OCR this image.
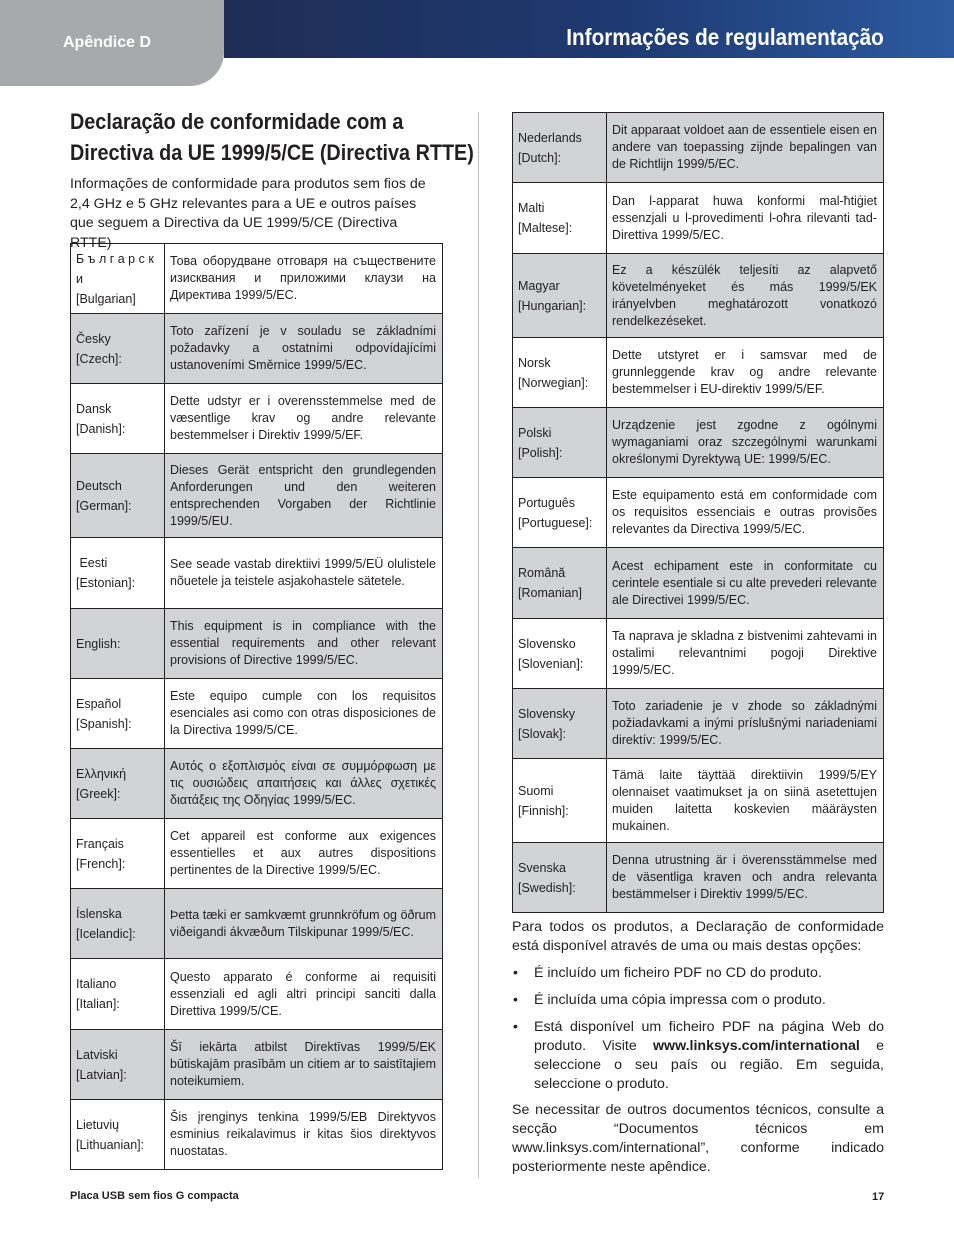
Apêndice D	Informações de regulamentação
Declaração de conformidade com a
Directiva da UE 1999/5/CE (Directiva RTTE)

Informações de conformidade para produtos sem fios de 2,4 GHz e 5 GHz relevantes para a UE e outros países que seguem a Directiva da UE 1999/5/CE (Directiva RTTE)

Б ъ л г а р с к и
[Bulgarian]	Това оборудване отговаря на съществените изисквания и приложими клаузи на Директива 1999/5/ЕС.
Česky
[Czech]:	Toto zařízení je v souladu se základními požadavky a ostatními odpovídajícími ustanoveními Směrnice 1999/5/EC.
Dansk
[Danish]:	Dette udstyr er i overensstemmelse med de væsentlige krav og andre relevante bestemmelser i Direktiv 1999/5/EF.
Deutsch
[German]:	Dieses Gerät entspricht den grundlegenden Anforderungen und den weiteren entsprechenden Vorgaben der Richtlinie 1999/5/EU.
Eesti
[Estonian]:	See seade vastab direktiivi 1999/5/EÜ olulistele nõuetele ja teistele asjakohastele sätetele.
English:	This equipment is in compliance with the essential requirements and other relevant provisions of Directive 1999/5/EC.
Español
[Spanish]:	Este equipo cumple con los requisitos esenciales asi como con otras disposiciones de la Directiva 1999/5/CE.
Ελληνική
[Greek]:	Αυτός ο εξοπλισμός είναι σε συμμόρφωση με τις ουσιώδεις απαιτήσεις και άλλες σχετικές διατάξεις της Οδηγίας 1999/5/EC.
Français
[French]:	Cet appareil est conforme aux exigences essentielles et aux autres dispositions pertinentes de la Directive 1999/5/EC.
Íslenska
[Icelandic]:	Þetta tæki er samkvæmt grunnkröfum og öðrum viðeigandi ákvæðum Tilskipunar 1999/5/EC.
Italiano
[Italian]:	Questo apparato é conforme ai requisiti essenziali ed agli altri principi sanciti dalla Direttiva 1999/5/CE.
Latviski
[Latvian]:	Šī iekārta atbilst Direktīvas 1999/5/EK būtiskajām prasībām un citiem ar to saistītajiem noteikumiem.
Lietuvių
[Lithuanian]:	Šis įrenginys tenkina 1999/5/EB Direktyvos esminius reikalavimus ir kitas šios direktyvos nuostatas.
Nederlands
[Dutch]:	Dit apparaat voldoet aan de essentiele eisen en andere van toepassing zijnde bepalingen van de Richtlijn 1999/5/EC.
Malti
[Maltese]:	Dan l-apparat huwa konformi mal-ħtiġiet essenzjali u l-provedimenti l-oħra rilevanti tad-Direttiva 1999/5/EC.
Magyar
[Hungarian]:	Ez a készülék teljesíti az alapvető követelményeket és más 1999/5/EK irányelvben meghatározott vonatkozó rendelkezéseket.
Norsk
[Norwegian]:	Dette utstyret er i samsvar med de grunnleggende krav og andre relevante bestemmelser i EU-direktiv 1999/5/EF.
Polski
[Polish]:	Urządzenie jest zgodne z ogólnymi wymaganiami oraz szczególnymi warunkami określonymi Dyrektywą UE: 1999/5/EC.
Português
[Portuguese]:	Este equipamento está em conformidade com os requisitos essenciais e outras provisões relevantes da Directiva 1999/5/EC.
Română
[Romanian]	Acest echipament este in conformitate cu cerintele esentiale si cu alte prevederi relevante ale Directivei 1999/5/EC.
Slovensko
[Slovenian]:	Ta naprava je skladna z bistvenimi zahtevami in ostalimi relevantnimi pogoji Direktive 1999/5/EC.
Slovensky
[Slovak]:	Toto zariadenie je v zhode so základnými požiadavkami a inými príslušnými nariadeniami direktív: 1999/5/EC.
Suomi
[Finnish]:	Tämä laite täyttää direktiivin 1999/5/EY olennaiset vaatimukset ja on siinä asetettujen muiden laitetta koskevien määräysten mukainen.
Svenska
[Swedish]:	Denna utrustning är i överensstämmelse med de väsentliga kraven och andra relevanta bestämmelser i Direktiv 1999/5/EC.

Para todos os produtos, a Declaração de conformidade está disponível através de uma ou mais destas opções:

• É incluído um ficheiro PDF no CD do produto.
• É incluída uma cópia impressa com o produto.
• Está disponível um ficheiro PDF na página Web do produto. Visite www.linksys.com/international e seleccione o seu país ou região. Em seguida, seleccione o produto.

Se necessitar de outros documentos técnicos, consulte a secção “Documentos técnicos em www.linksys.com/international”, conforme indicado posteriormente neste apêndice.

Placa USB sem fios G compacta	17
